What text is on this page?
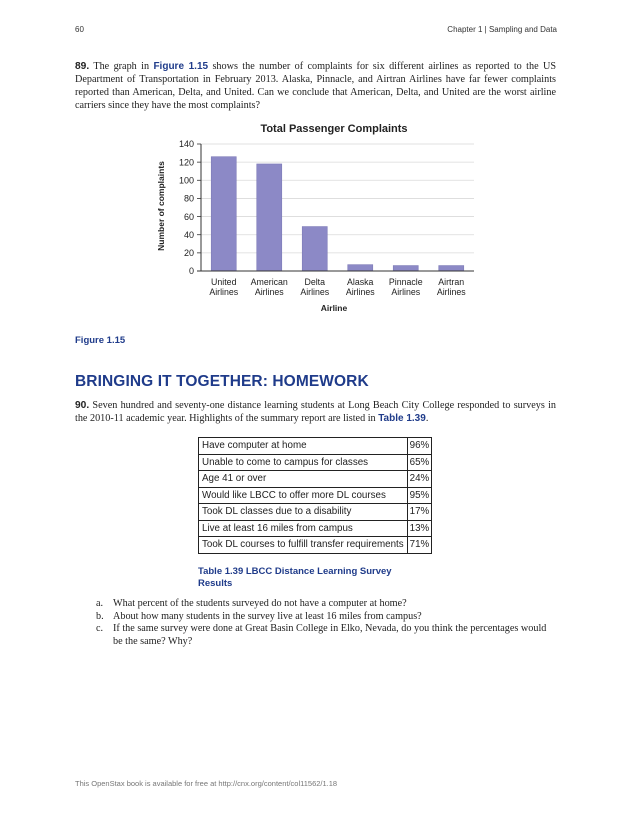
60	Chapter 1 | Sampling and Data

89. The graph in Figure 1.15 shows the number of complaints for six different airlines as reported to the US Department of Transportation in February 2013. Alaska, Pinnacle, and Airtran Airlines have far fewer complaints reported than American, Delta, and United. Can we conclude that American, Delta, and United are the worst airline carriers since they have the most complaints?

Total Passenger Complaints
Number of complaints
Airline
0
20
40
60
80
100
120
140
United
Airlines
American
Airlines
Delta
Airlines
Alaska
Airlines
Pinnacle
Airlines
Airtran
Airlines
Figure 1.15
BRINGING IT TOGETHER: HOMEWORK

90. Seven hundred and seventy-one distance learning students at Long Beach City College responded to surveys in the 2010-11 academic year. Highlights of the summary report are listed in Table 1.39.

Have computer at home	96%
Unable to come to campus for classes	65%
Age 41 or over	24%
Would like LBCC to offer more DL courses	95%
Took DL classes due to a disability	17%
Live at least 16 miles from campus	13%
Took DL courses to fulfill transfer requirements	71%
Table 1.39 LBCC Distance Learning Survey Results
a. What percent of the students surveyed do not have a computer at home?
b. About how many students in the survey live at least 16 miles from campus?
c. If the same survey were done at Great Basin College in Elko, Nevada, do you think the percentages would be the same? Why?
This OpenStax book is available for free at http://cnx.org/content/col11562/1.18
